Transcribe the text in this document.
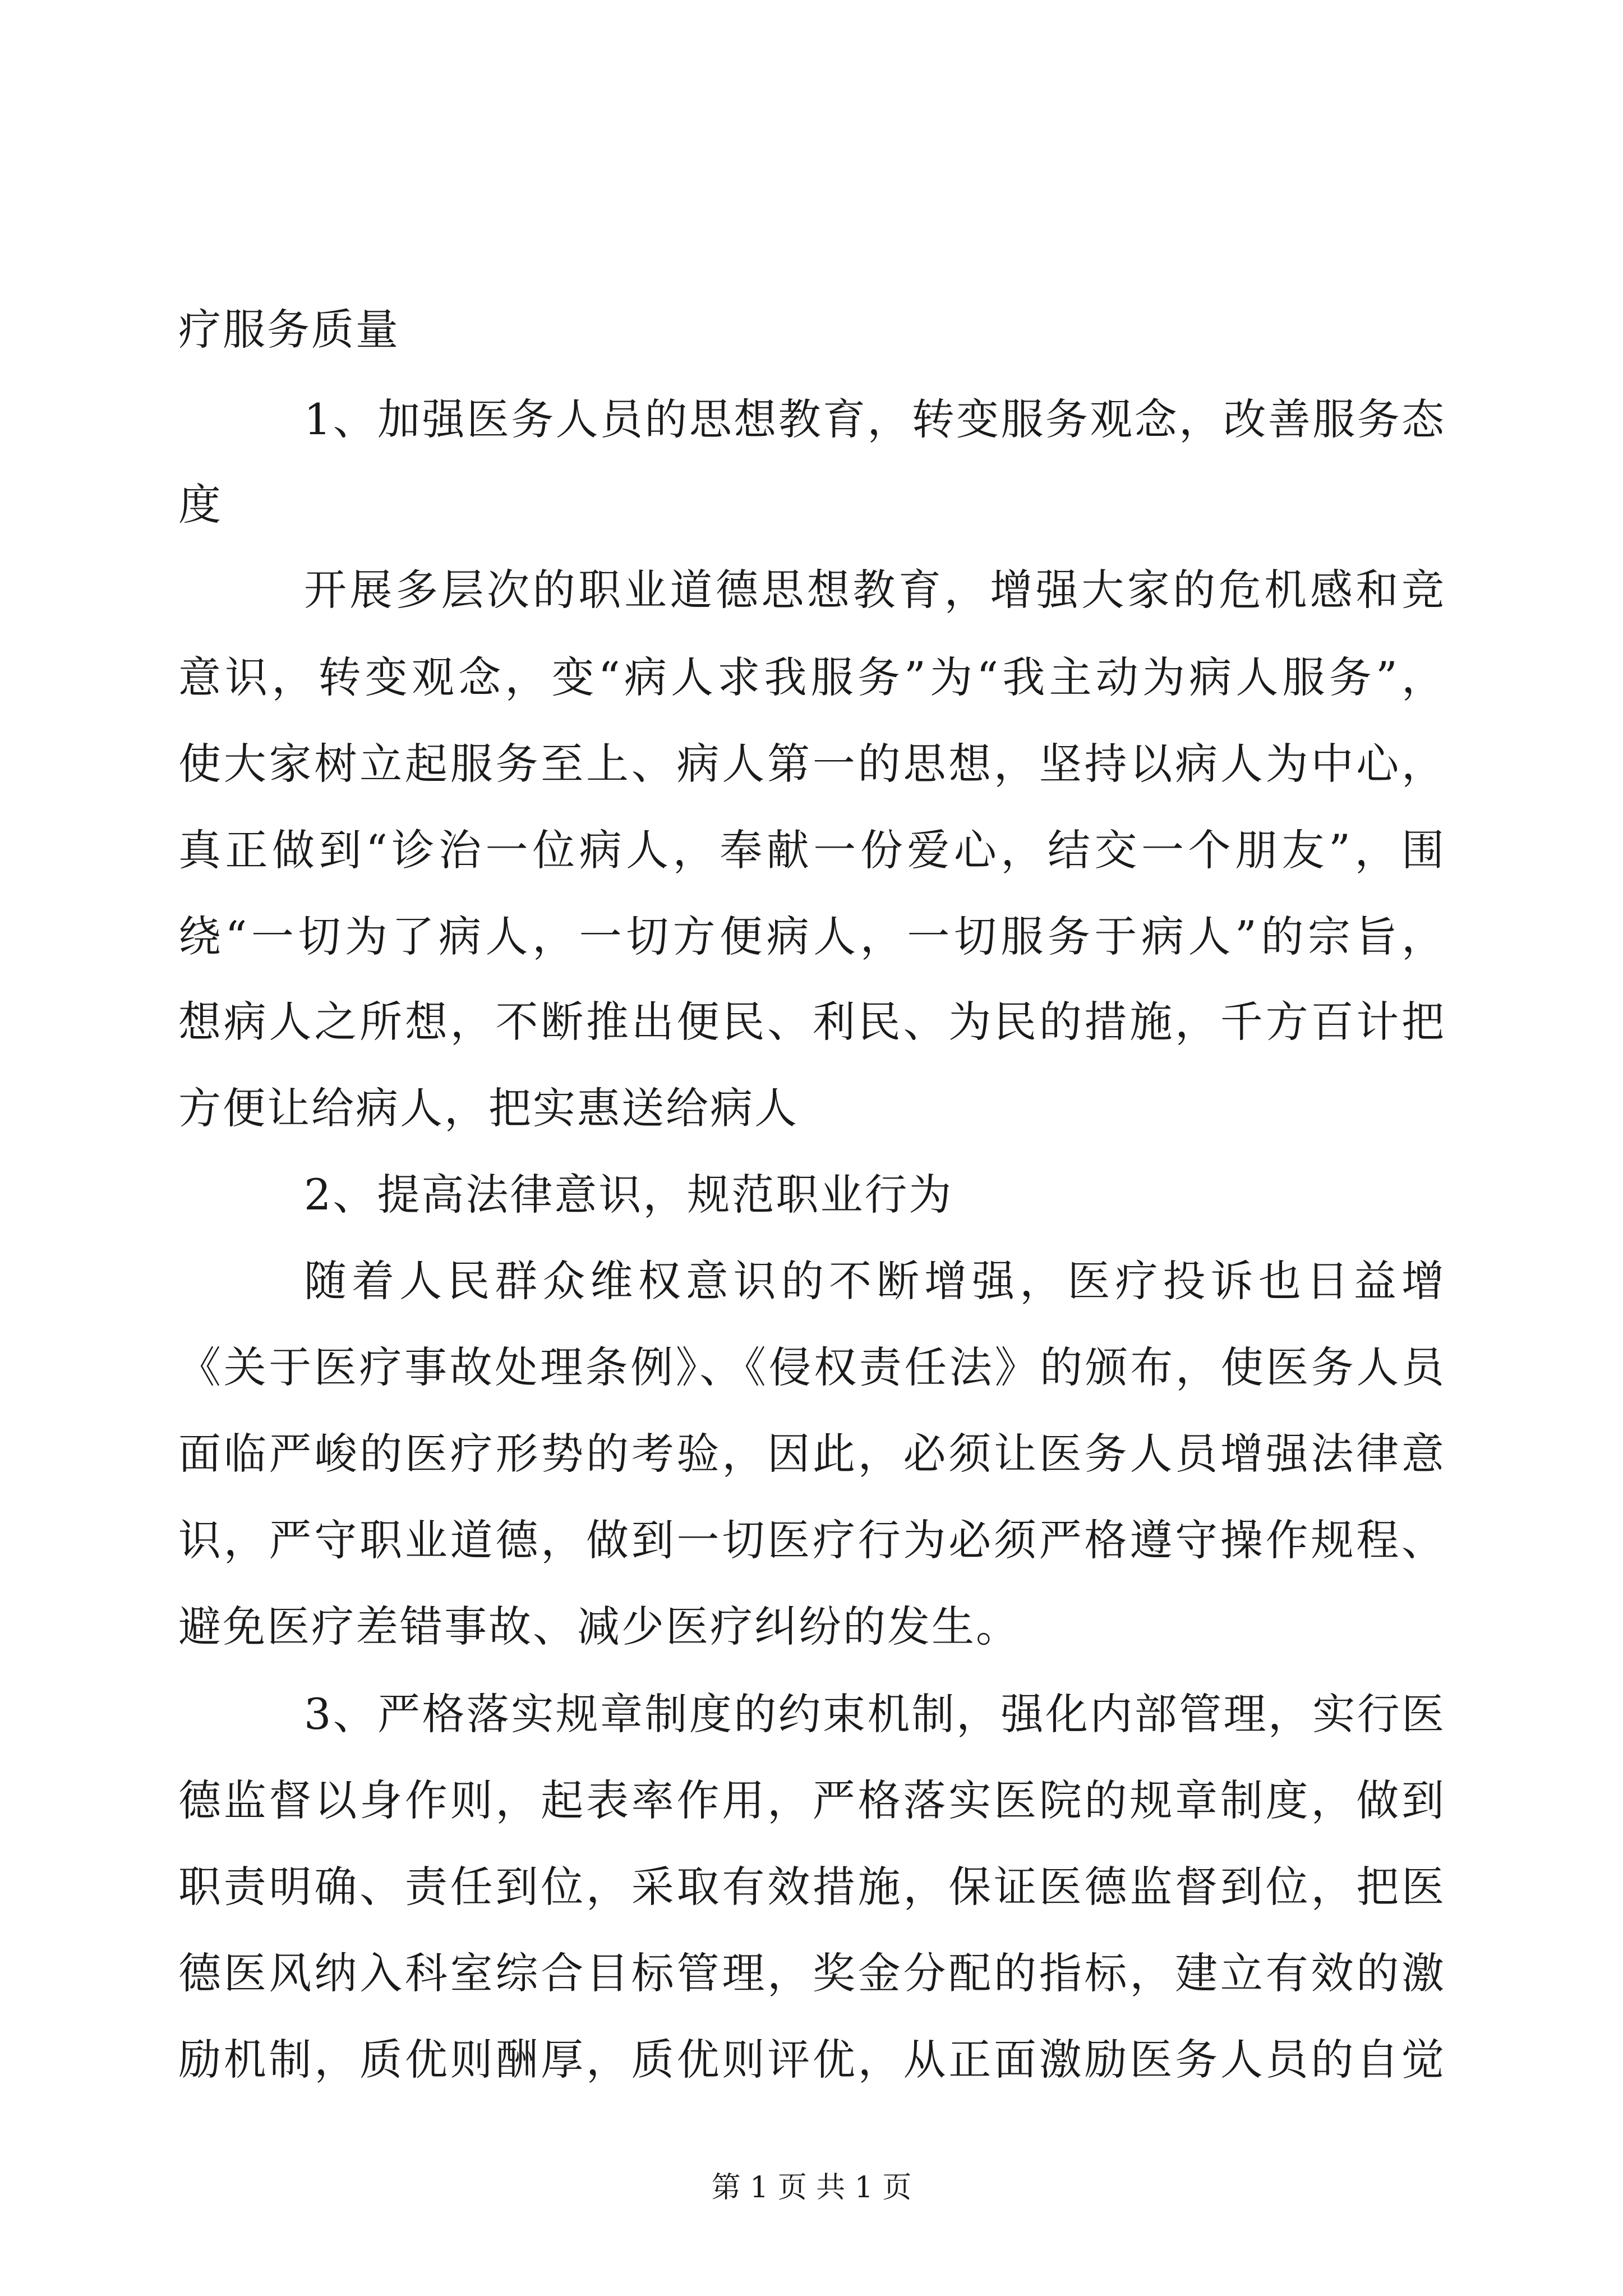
疗服务质量
1、加强医务人员的思想教育，转变服务观念，改善服务态
度
开展多层次的职业道德思想教育，增强大家的危机感和竞
意识，转变观念，变“病人求我服务”为“我主动为病人服务”，
使大家树立起服务至上、病人第一的思想，坚持以病人为中心，
真正做到“诊治一位病人，奉献一份爱心，结交一个朋友”，围
绕“一切为了病人，一切方便病人，一切服务于病人”的宗旨，
想病人之所想，不断推出便民、利民、为民的措施，千方百计把
方便让给病人，把实惠送给病人
2、提高法律意识，规范职业行为
随着人民群众维权意识的不断增强，医疗投诉也日益增
《关于医疗事故处理条例》、《侵权责任法》的颁布，使医务人员
面临严峻的医疗形势的考验，因此，必须让医务人员增强法律意
识，严守职业道德，做到一切医疗行为必须严格遵守操作规程、
避免医疗差错事故、减少医疗纠纷的发生。
3、严格落实规章制度的约束机制，强化内部管理，实行医
德监督以身作则，起表率作用，严格落实医院的规章制度，做到
职责明确、责任到位，采取有效措施，保证医德监督到位，把医
德医风纳入科室综合目标管理，奖金分配的指标，建立有效的激
励机制，质优则酬厚，质优则评优，从正面激励医务人员的自觉
第 1 页 共 1 页
